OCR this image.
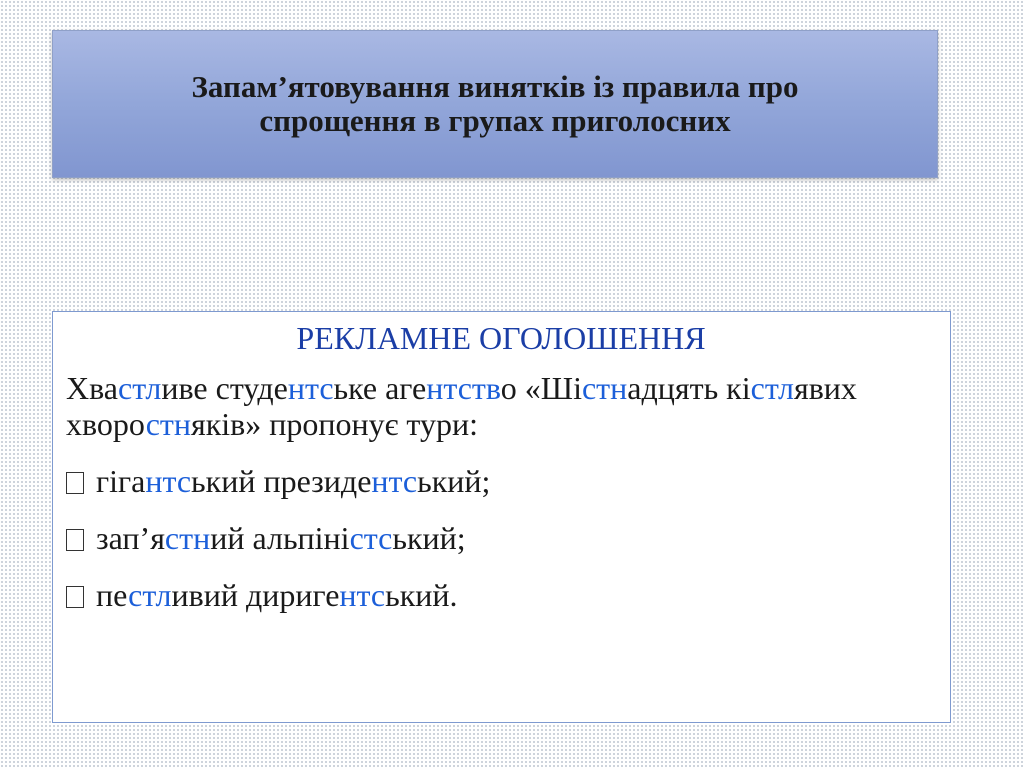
Запам’ятовування винятків із правила про
спрощення в групах приголосних
РЕКЛАМНЕ ОГОЛОШЕННЯ

Хвастливе студентське агентство «Шістнадцять кістлявих хворостняків» пропонує тури:

гігантський президентський;
зап’ястний альпіністський;
пестливий диригентський.
